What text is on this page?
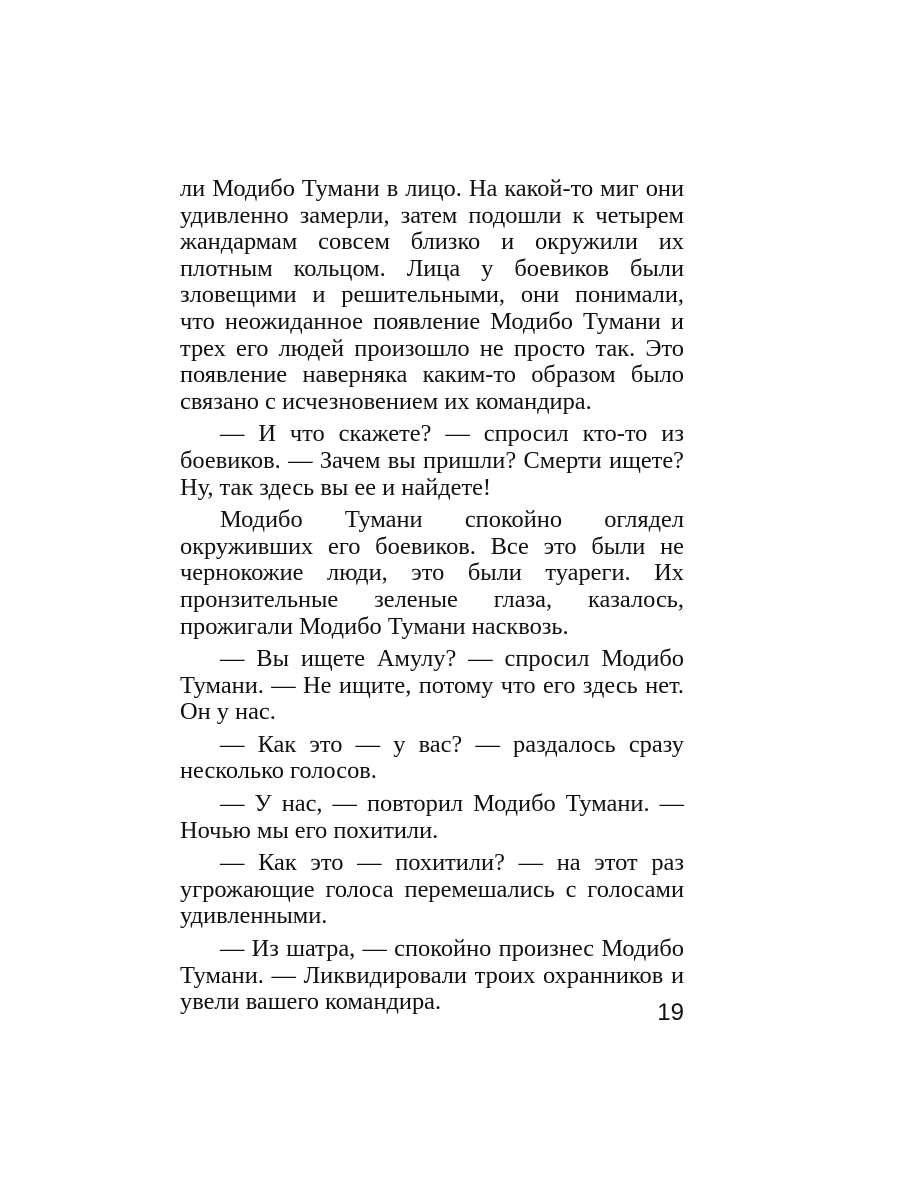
ли Модибо Тумани в лицо. На какой-то миг они удивленно замерли, затем подошли к четырем жандармам совсем близко и окружили их плотным кольцом. Лица у боевиков были зловещими и решительными, они понимали, что неожиданное появление Модибо Тумани и трех его людей произошло не просто так. Это появление наверняка каким-то образом было связано с исчезновением их командира.

— И что скажете? — спросил кто-то из боевиков. — Зачем вы пришли? Смерти ищете? Ну, так здесь вы ее и найдете!

Модибо Тумани спокойно оглядел окруживших его боевиков. Все это были не чернокожие люди, это были туареги. Их пронзительные зеленые глаза, казалось, прожигали Модибо Тумани насквозь.

— Вы ищете Амулу? — спросил Модибо Тумани. — Не ищите, потому что его здесь нет. Он у нас.

— Как это — у вас? — раздалось сразу несколько голосов.

— У нас, — повторил Модибо Тумани. — Ночью мы его похитили.

— Как это — похитили? — на этот раз угрожающие голоса перемешались с голосами удивленными.

— Из шатра, — спокойно произнес Модибо Тумани. — Ликвидировали троих охранников и увели вашего командира.	19
